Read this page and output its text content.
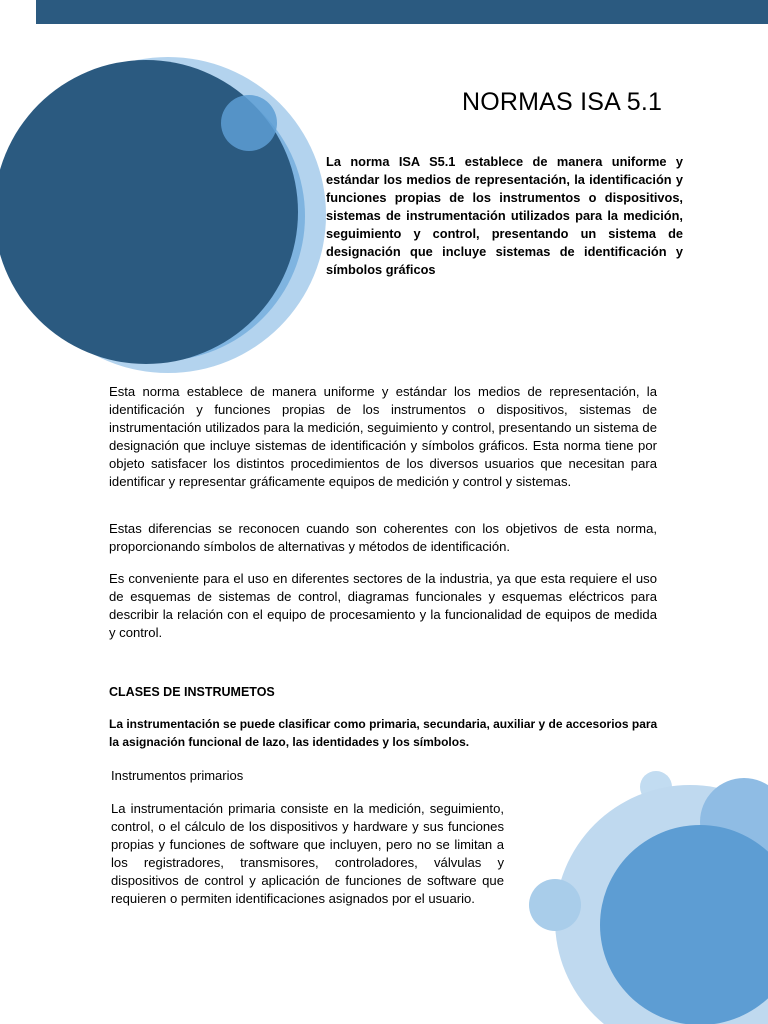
NORMAS ISA 5.1

La norma ISA S5.1 establece de manera uniforme y estándar los medios de representación, la identificación y funciones propias de los instrumentos o dispositivos, sistemas de instrumentación utilizados para la medición, seguimiento y control, presentando un sistema de designación que incluye sistemas de identificación y símbolos gráficos

Esta norma establece de manera uniforme y estándar los medios de representación, la identificación y funciones propias de los instrumentos o dispositivos, sistemas de instrumentación utilizados para la medición, seguimiento y control, presentando un sistema de designación que incluye sistemas de identificación y símbolos gráficos. Esta norma tiene por objeto satisfacer los distintos procedimientos de los diversos usuarios que necesitan para identificar y representar gráficamente equipos de medición y control y sistemas.

Estas diferencias se reconocen cuando son coherentes con los objetivos de esta norma, proporcionando símbolos de alternativas y métodos de identificación.

Es conveniente para el uso en diferentes sectores de la industria, ya que esta requiere el uso de esquemas de sistemas de control, diagramas funcionales y esquemas eléctricos para describir la relación con el equipo de procesamiento y la funcionalidad de equipos de medida y control.

CLASES DE INSTRUMETOS

La instrumentación se puede clasificar como primaria, secundaria, auxiliar y de accesorios para la asignación funcional de lazo, las identidades y los símbolos.

Instrumentos primarios

La instrumentación primaria consiste en la medición, seguimiento, control, o el cálculo de los dispositivos y hardware y sus funciones propias y funciones de software que incluyen, pero no se limitan a los registradores, transmisores, controladores, válvulas y dispositivos de control y aplicación de funciones de software que requieren o permiten identificaciones asignados por el usuario.
